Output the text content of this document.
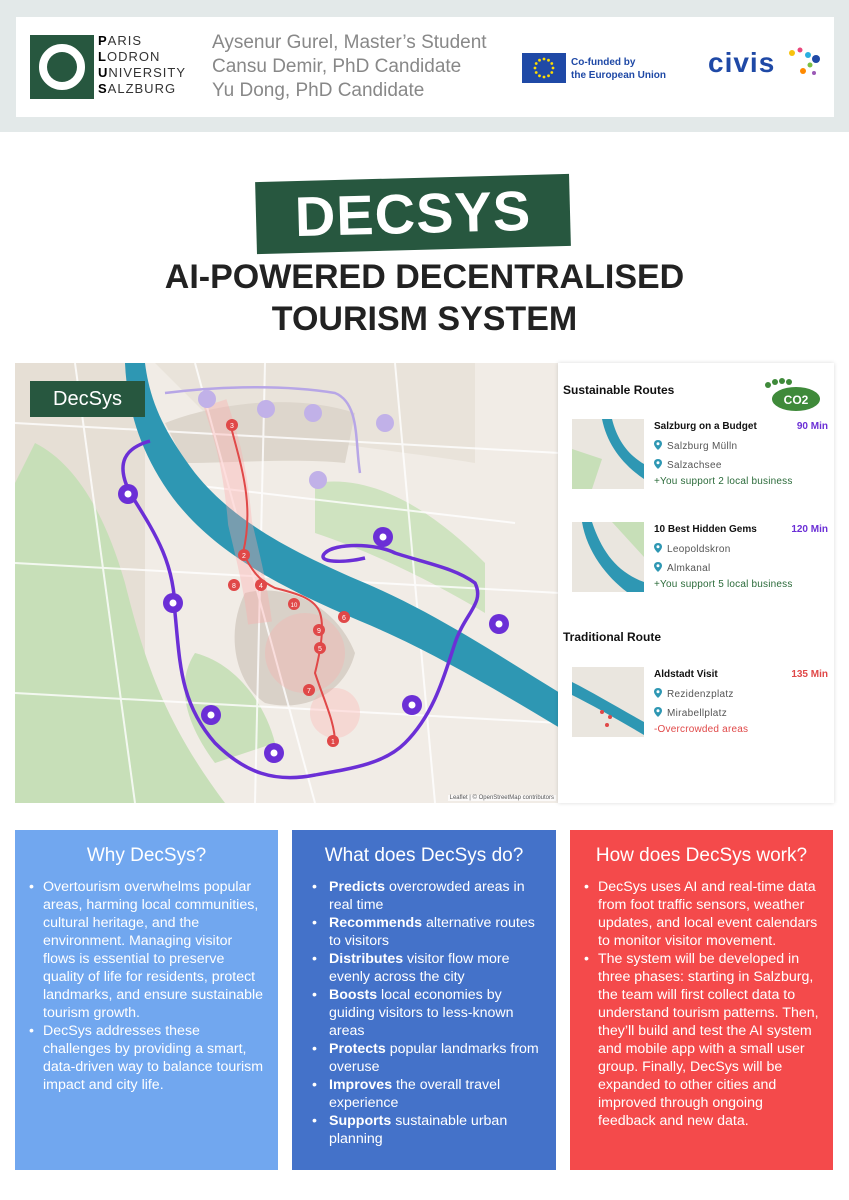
PARIS
LODRON
UNIVERSITY
SALZBURG
Aysenur Gurel, Master’s Student
Cansu Demir, PhD Candidate
Yu Dong, PhD Candidate
Co-funded by
the European Union civis
DECSYS
AI-POWERED DECENTRALISED
TOURISM SYSTEM
1
2
3
4
5
6
7
8
9
10
DecSys
Leaflet | © OpenStreetMap contributors
Sustainable Routes
CO2
Salzburg on a Budget	90 Min
Salzburg Mülln
Salzachsee
+You support 2 local business
10 Best Hidden Gems	120 Min
Leopoldskron
Almkanal
+You support 5 local business
Traditional Route
Aldstadt Visit	135 Min
Rezidenzplatz
Mirabellplatz
-Overcrowded areas
Why DecSys?
• Overtourism overwhelms popular areas, harming local communities, cultural heritage, and the environment. Managing visitor flows is essential to preserve quality of life for residents, protect landmarks, and ensure sustainable tourism growth.
• DecSys addresses these challenges by providing a smart, data-driven way to balance tourism impact and city life.
What does DecSys do?
• Predicts overcrowded areas in real time
• Recommends alternative routes to visitors
• Distributes visitor flow more evenly across the city
• Boosts local economies by guiding visitors to less-known areas
• Protects popular landmarks from overuse
• Improves the overall travel experience
• Supports sustainable urban planning
How does DecSys work?
• DecSys uses AI and real-time data from foot traffic sensors, weather updates, and local event calendars to monitor visitor movement.
• The system will be developed in three phases: starting in Salzburg, the team will first collect data to understand tourism patterns. Then, they’ll build and test the AI system and mobile app with a small user group. Finally, DecSys will be expanded to other cities and improved through ongoing feedback and new data.
